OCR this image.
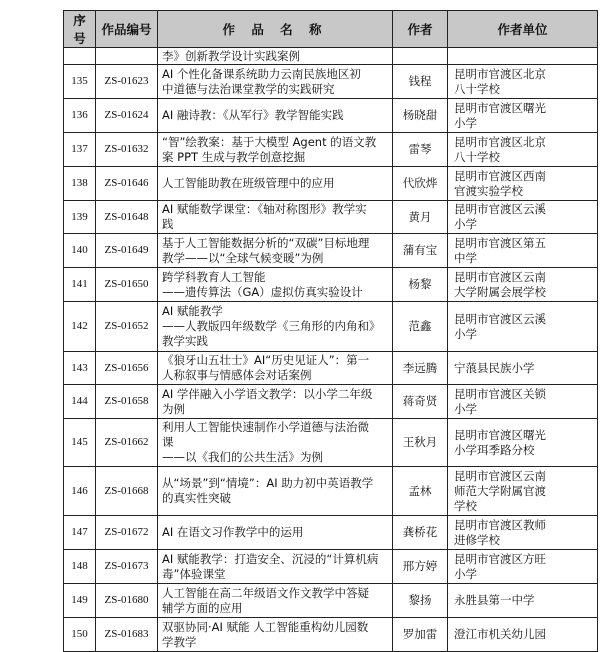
序号	作品编号	作 品 名 称	作者	作者单位
		李》创新教学设计实践案例		
135	ZS-01623	AI 个性化备课系统助力云南民族地区初
中道德与法治课堂教学的实践研究	钱程	昆明市官渡区北京
八十学校

136	ZS-01624	AI 融诗教：《从军行》教学智能实践	杨晓甜	昆明市官渡区曙光
小学

137	ZS-01632	“智”绘教案：基于大模型 Agent 的语文教
案 PPT 生成与教学创意挖掘	雷琴	昆明市官渡区北京
八十学校

138	ZS-01646	人工智能助教在班级管理中的应用	代欣烨	昆明市官渡区西南
官渡实验学校

139	ZS-01648	AI 赋能数学课堂：《轴对称图形》教学实
践	黄月	昆明市官渡区云溪
小学

140	ZS-01649	基于人工智能数据分析的“双碳”目标地理
教学——以“全球气候变暖”为例	蒲有宝	昆明市官渡区第五
中学

141	ZS-01650	跨学科教育人工智能
——遗传算法（GA）虚拟仿真实验设计	杨黎	昆明市官渡区云南
大学附属会展学校

142	ZS-01652	AI 赋能教学
——人教版四年级数学《三角形的内角和》
教学实践	范鑫	昆明市官渡区云溪
小学

143	ZS-01656	《狼牙山五壮士》AI“历史见证人”：第一
人称叙事与情感体会对话案例	李远腾	宁蒗县民族小学

144	ZS-01658	AI 学伴融入小学语文教学：以小学二年级
为例	蒋奇贤	昆明市官渡区关锁
小学

145	ZS-01662	利用人工智能快速制作小学道德与法治微
课
——以《我们的公共生活》为例	王秋月	昆明市官渡区曙光
小学珥季路分校

146	ZS-01668	从“场景”到“情境”：AI 助力初中英语教学
的真实性突破	孟林	昆明市官渡区云南
师范大学附属官渡
学校

147	ZS-01672	AI 在语文习作教学中的运用	龚桥花	昆明市官渡区教师
进修学校

148	ZS-01673	AI 赋能教学：打造安全、沉浸的“计算机病
毒”体验课堂	邢方婷	昆明市官渡区方旺
小学

149	ZS-01680	人工智能在高二年级语文作文教学中答疑
辅学方面的应用	黎扬	永胜县第一中学

150	ZS-01683	双驱协同·AI 赋能 人工智能重构幼儿园数
学教学	罗加雷	澄江市机关幼儿园
